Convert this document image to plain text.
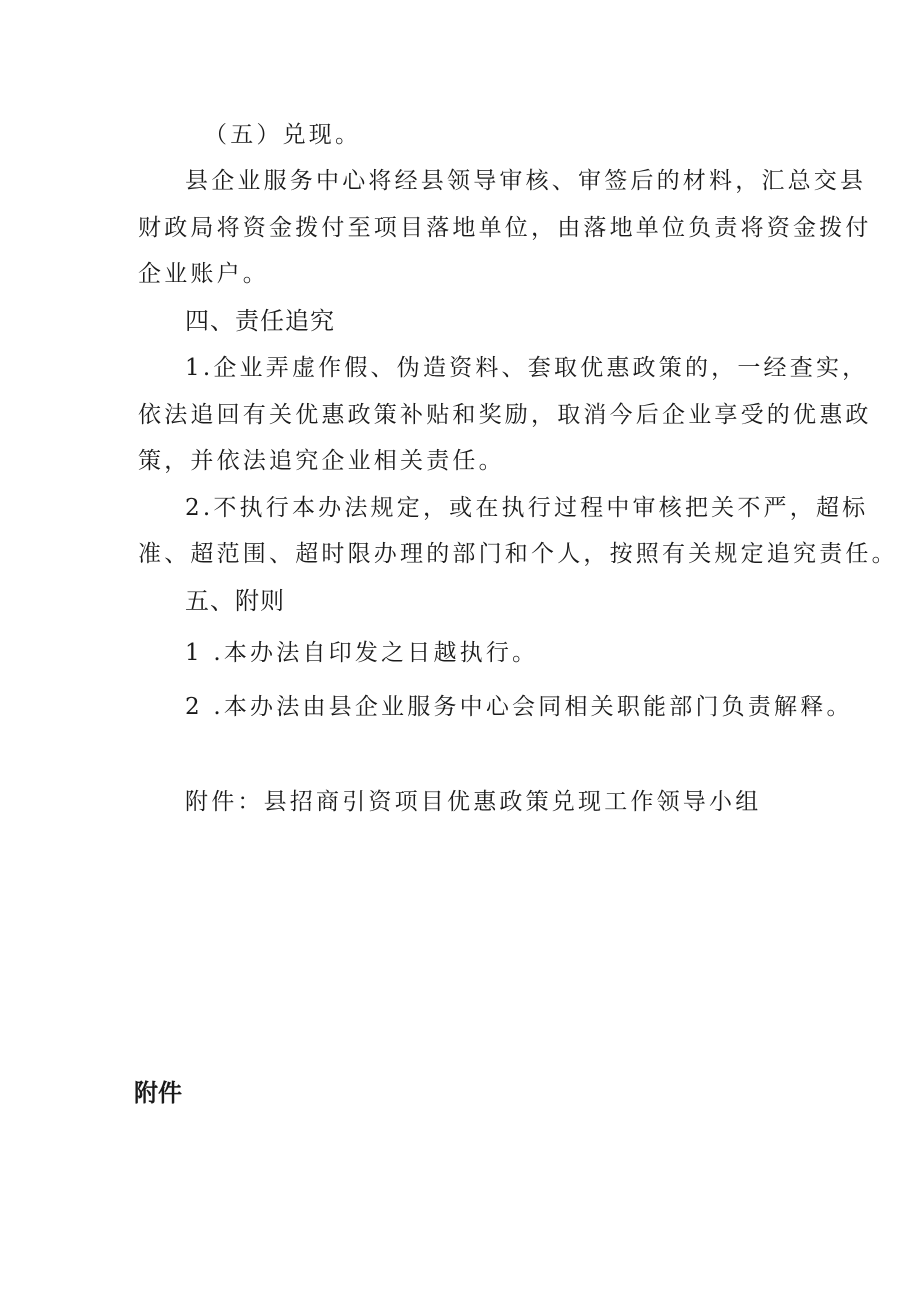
（五）兑现。
县企业服务中心将经县领导审核、审签后的材料，汇总交县
财政局将资金拨付至项目落地单位，由落地单位负责将资金拨付
企业账户。
四、责任追究
1.企业弄虚作假、伪造资料、套取优惠政策的，一经查实，
依法追回有关优惠政策补贴和奖励，取消今后企业享受的优惠政
策，并依法追究企业相关责任。
2.不执行本办法规定，或在执行过程中审核把关不严，超标
准、超范围、超时限办理的部门和个人，按照有关规定追究责任。
五、附则
1 .本办法自印发之日越执行。
2 .本办法由县企业服务中心会同相关职能部门负责解释。
附件：县招商引资项目优惠政策兑现工作领导小组
附件
